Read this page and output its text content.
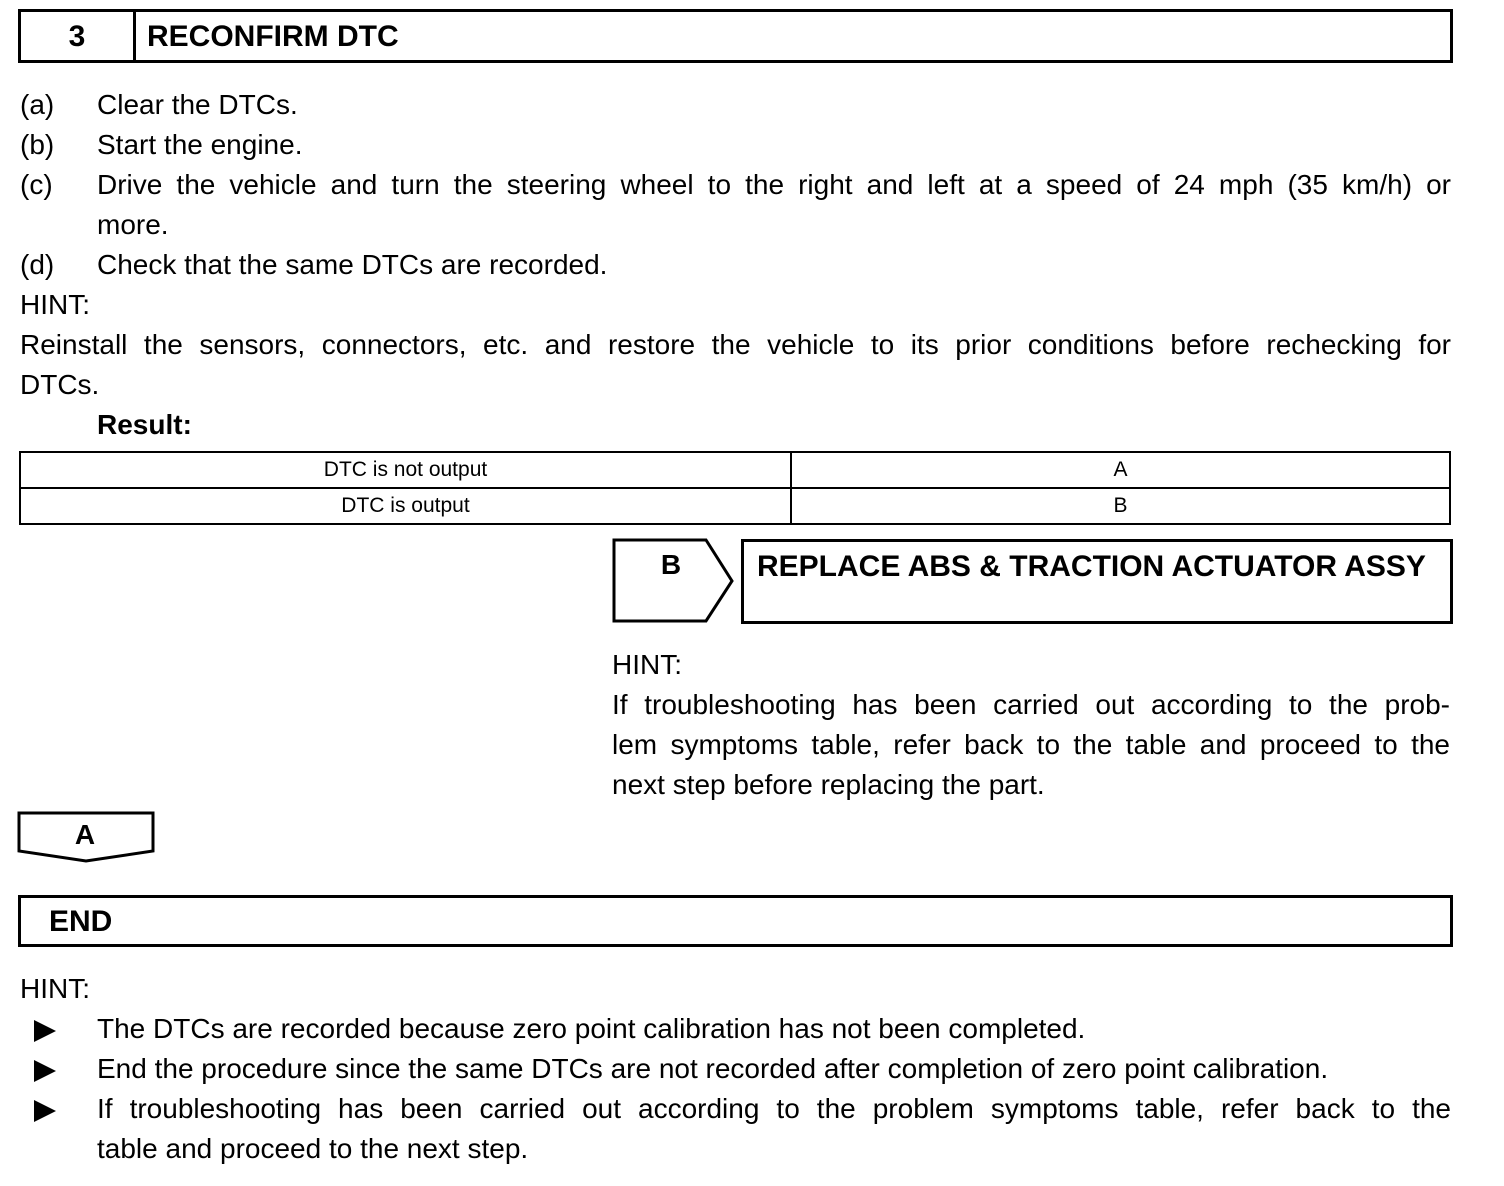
3	RECONFIRM DTC
(a) Clear the DTCs.
(b) Start the engine.
(c) Drive the vehicle and turn the steering wheel to the right and left at a speed of 24 mph (35 km/h) or
more.
(d) Check that the same DTCs are recorded.
HINT:
Reinstall the sensors, connectors, etc. and restore the vehicle to its prior conditions before rechecking for
DTCs.
Result:
DTC is not output	A
DTC is output	B
B	REPLACE ABS & TRACTION ACTUATOR ASSY
HINT:
If troubleshooting has been carried out according to the prob-
lem symptoms table, refer back to the table and proceed to the
next step before replacing the part.
A
END
HINT:
The DTCs are recorded because zero point calibration has not been completed.
End the procedure since the same DTCs are not recorded after completion of zero point calibration.
If troubleshooting has been carried out according to the problem symptoms table, refer back to the
table and proceed to the next step.
